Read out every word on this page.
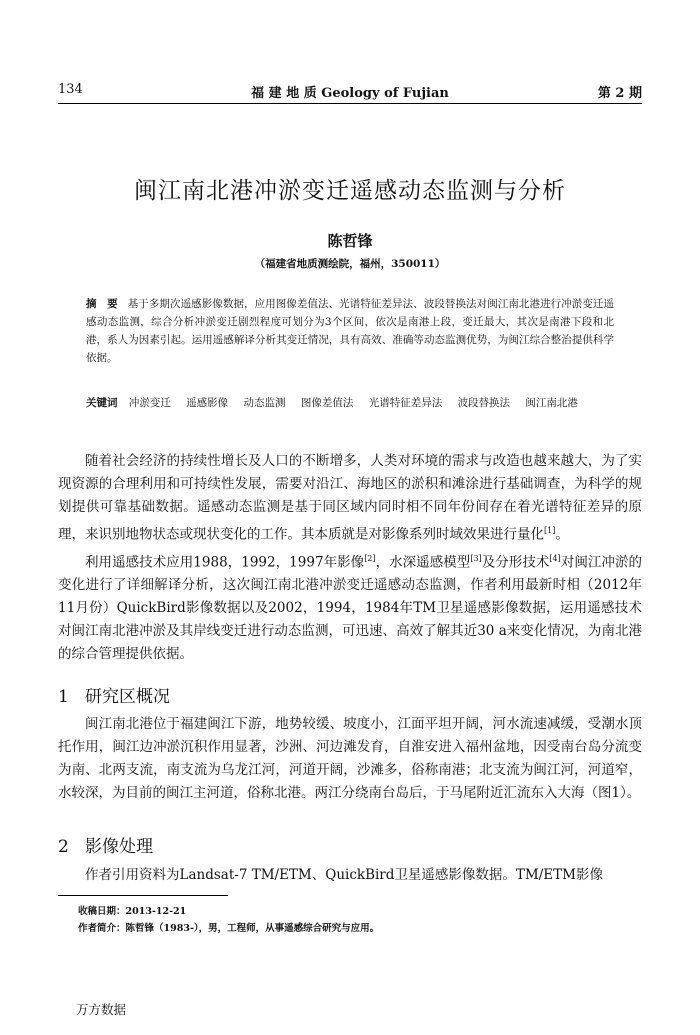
134	福 建 地 质 Geology of Fujian	第 2 期
闽江南北港冲淤变迁遥感动态监测与分析
陈哲锋
（福建省地质测绘院，福州，350011）
摘　要 基于多期次遥感影像数据，应用图像差值法、光谱特征差异法、波段替换法对闽江南北港进行冲淤变迁遥感动态监测，综合分析冲淤变迁剧烈程度可划分为3个区间，依次是南港上段，变迁最大，其次是南港下段和北港，系人为因素引起。运用遥感解译分析其变迁情况，具有高效、准确等动态监测优势，为闽江综合整治提供科学依据。
关键词 冲淤变迁 遥感影像 动态监测 图像差值法 光谱特征差异法 波段替换法 闽江南北港

随着社会经济的持续性增长及人口的不断增多，人类对环境的需求与改造也越来越大，为了实现资源的合理利用和可持续性发展，需要对沿江、海地区的淤积和滩涂进行基础调查，为科学的规划提供可靠基础数据。遥感动态监测是基于同区域内同时相不同年份间存在着光谱特征差异的原理，来识别地物状态或现状变化的工作。其本质就是对影像系列时域效果进行量化[1]。

利用遥感技术应用1988，1992，1997年影像[2]，水深遥感模型[3]及分形技术[4]对闽江冲淤的变化进行了详细解译分析，这次闽江南北港冲淤变迁遥感动态监测，作者利用最新时相（2012年11月份）QuickBird影像数据以及2002，1994，1984年TM卫星遥感影像数据，运用遥感技术对闽江南北港冲淤及其岸线变迁进行动态监测，可迅速、高效了解其近30 a来变化情况，为南北港的综合管理提供依据。

1 研究区概况

闽江南北港位于福建闽江下游，地势较缓、坡度小，江面平坦开阔，河水流速减缓，受潮水顶托作用，闽江边冲淤沉积作用显著，沙洲、河边滩发育，自淮安进入福州盆地，因受南台岛分流变为南、北两支流，南支流为乌龙江河，河道开阔，沙滩多，俗称南港；北支流为闽江河，河道窄，水较深，为目前的闽江主河道，俗称北港。两江分绕南台岛后，于马尾附近汇流东入大海（图1）。

2 影像处理

作者引用资料为Landsat-7 TM/ETM、QuickBird卫星遥感影像数据。TM/ETM影像

收稿日期：2013-12-21
作者简介：陈哲锋（1983-），男，工程师，从事遥感综合研究与应用。
万方数据
